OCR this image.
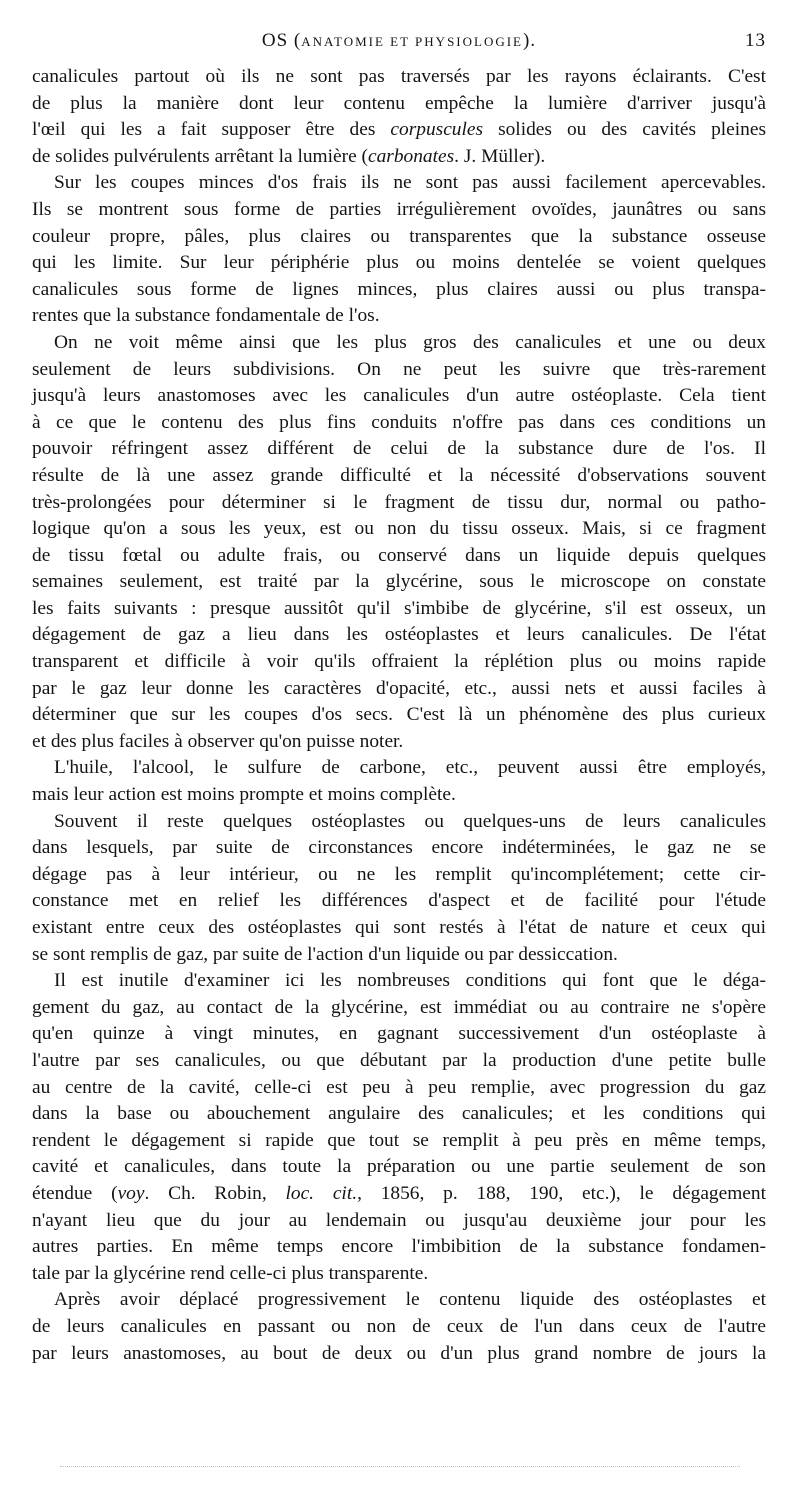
OS (ANATOMIE ET PHYSIOLOGIE).	13

canalicules partout où ils ne sont pas traversés par les rayons éclairants. C'est
de plus la manière dont leur contenu empêche la lumière d'arriver jusqu'à
l'œil qui les a fait supposer être des corpuscules solides ou des cavités pleines
de solides pulvérulents arrêtant la lumière (carbonates. J. Müller).

Sur les coupes minces d'os frais ils ne sont pas aussi facilement apercevables.
Ils se montrent sous forme de parties irrégulièrement ovoïdes, jaunâtres ou sans
couleur propre, pâles, plus claires ou transparentes que la substance osseuse
qui les limite. Sur leur périphérie plus ou moins dentelée se voient quelques
canalicules sous forme de lignes minces, plus claires aussi ou plus transpa-
rentes que la substance fondamentale de l'os.

On ne voit même ainsi que les plus gros des canalicules et une ou deux
seulement de leurs subdivisions. On ne peut les suivre que très-rarement
jusqu'à leurs anastomoses avec les canalicules d'un autre ostéoplaste. Cela tient
à ce que le contenu des plus fins conduits n'offre pas dans ces conditions un
pouvoir réfringent assez différent de celui de la substance dure de l'os. Il
résulte de là une assez grande difficulté et la nécessité d'observations souvent
très-prolongées pour déterminer si le fragment de tissu dur, normal ou patho-
logique qu'on a sous les yeux, est ou non du tissu osseux. Mais, si ce fragment
de tissu fœtal ou adulte frais, ou conservé dans un liquide depuis quelques
semaines seulement, est traité par la glycérine, sous le microscope on constate
les faits suivants : presque aussitôt qu'il s'imbibe de glycérine, s'il est osseux, un
dégagement de gaz a lieu dans les ostéoplastes et leurs canalicules. De l'état
transparent et difficile à voir qu'ils offraient la réplétion plus ou moins rapide
par le gaz leur donne les caractères d'opacité, etc., aussi nets et aussi faciles à
déterminer que sur les coupes d'os secs. C'est là un phénomène des plus curieux
et des plus faciles à observer qu'on puisse noter.

L'huile, l'alcool, le sulfure de carbone, etc., peuvent aussi être employés,
mais leur action est moins prompte et moins complète.

Souvent il reste quelques ostéoplastes ou quelques-uns de leurs canalicules
dans lesquels, par suite de circonstances encore indéterminées, le gaz ne se
dégage pas à leur intérieur, ou ne les remplit qu'incomplétement; cette cir-
constance met en relief les différences d'aspect et de facilité pour l'étude
existant entre ceux des ostéoplastes qui sont restés à l'état de nature et ceux qui
se sont remplis de gaz, par suite de l'action d'un liquide ou par dessiccation.

Il est inutile d'examiner ici les nombreuses conditions qui font que le déga-
gement du gaz, au contact de la glycérine, est immédiat ou au contraire ne s'opère
qu'en quinze à vingt minutes, en gagnant successivement d'un ostéoplaste à
l'autre par ses canalicules, ou que débutant par la production d'une petite bulle
au centre de la cavité, celle-ci est peu à peu remplie, avec progression du gaz
dans la base ou abouchement angulaire des canalicules; et les conditions qui
rendent le dégagement si rapide que tout se remplit à peu près en même temps,
cavité et canalicules, dans toute la préparation ou une partie seulement de son
étendue (voy. Ch. Robin, loc. cit., 1856, p. 188, 190, etc.), le dégagement
n'ayant lieu que du jour au lendemain ou jusqu'au deuxième jour pour les
autres parties. En même temps encore l'imbibition de la substance fondamen-
tale par la glycérine rend celle-ci plus transparente.

Après avoir déplacé progressivement le contenu liquide des ostéoplastes et
de leurs canalicules en passant ou non de ceux de l'un dans ceux de l'autre
par leurs anastomoses, au bout de deux ou d'un plus grand nombre de jours la
